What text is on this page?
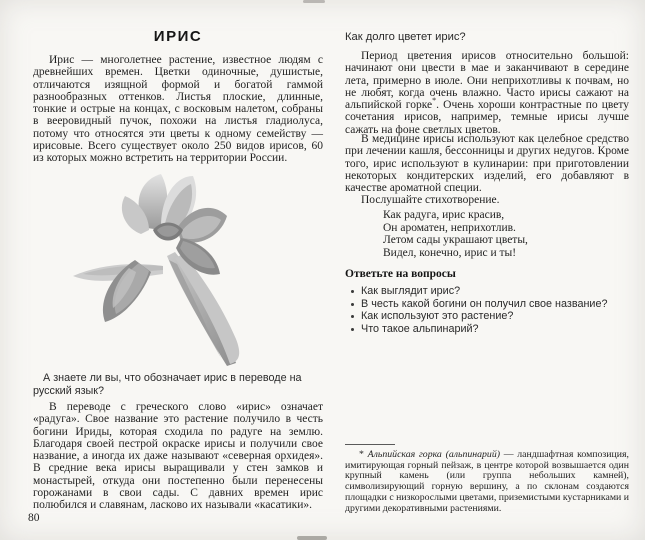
ИРИС
Ирис — многолетнее растение, известное людям с древнейших времен. Цветки одиночные, душистые, отличаются изящной формой и богатой гаммой разнообразных оттенков. Листья плоские, длинные, тонкие и острые на концах, с восковым налетом, собраны в вееровидный пучок, похожи на листья гладиолуса, потому что относятся эти цветы к одному семейству — ирисовые. Всего существует около 250 видов ирисов, 60 из которых можно встретить на территории России.
А знаете ли вы, что обозначает ирис в переводе на русский язык?
В переводе с греческого слово «ирис» означает «радуга». Свое название это растение получило в честь богини Ириды, которая сходила по радуге на землю. Благодаря своей пестрой окраске ирисы и получили свое название, а иногда их даже называют «северная орхидея». В средние века ирисы выращивали у стен замков и монастырей, откуда они постепенно были перенесены горожанами в свои сады. С давних времен ирис полюбился и славянам, ласково их называли «касатики».
80
Как долго цветет ирис?
Период цветения ирисов относительно большой: начинают они цвести в мае и заканчивают в середине лета, примерно в июле. Они неприхотливы к почвам, но не любят, когда очень влажно. Часто ирисы сажают на альпийской горке*. Очень хороши контрастные по цвету сочетания ирисов, например, темные ирисы лучше сажать на фоне светлых цветов.
В медицине ирисы используют как целебное средство при лечении кашля, бессонницы и других недугов. Кроме того, ирис используют в кулинарии: при приготовлении некоторых кондитерских изделий, его добавляют в качестве ароматной специи.
Послушайте стихотворение.
Как радуга, ирис красив,
Он ароматен, неприхотлив.
Летом сады украшают цветы,
Видел, конечно, ирис и ты!
Ответьте на вопросы
Как выглядит ирис?
В честь какой богини он получил свое название?
Как используют это растение?
Что такое альпинарий?
* Альпийская горка (альпинарий) — ландшафтная композиция, имитирующая горный пейзаж, в центре которой возвышается один крупный камень (или группа небольших камней), символизирующий горную вершину, а по склонам создаются площадки с низкорослыми цветами, приземистыми кустарниками и другими декоративными растениями.
